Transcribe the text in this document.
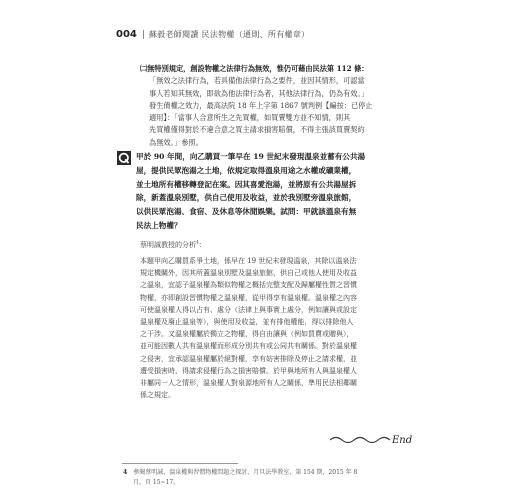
004 蘇毅老師閱讀 民法物權（通則、所有權章）
㈡無特別規定，創設物權之法律行為無效，惟仍可藉由民法第 112 條：
「無效之法律行為，若具備他法律行為之要件，並因其情形，可認當
事人若知其無效，即欲為他法律行為者，其他法律行為，仍為有效。」
發生債權之效力，最高法院 18 年上字第 1867 號判例【編按：已停止
適用】：「當事人合意所生之先買權，如買賣雙方並不知情，則其
先買權僅得對於不違合意之買主請求損害賠償，不得主張該買賣契約
為無效。」參照。
甲於 90 年間，向乙購買一筆早在 19 世紀末發現溫泉並蓄有公共湯
屋，提供民眾泡湯之土地，依規定取得溫泉用途之水權或礦業權，
並土地所有權移轉登記在案。因其喜愛泡湯，並將原有公共湯屋拆
除，新蓋溫泉別墅，供自己使用及收益，並於我別墅旁溫泉旅館，
以供民眾泡湯、食宿、及休息等休閒娛樂。試問：甲就該溫泉有無
民法上物權？
蔡明誠教授的分析$^4$：
本題甲向乙購買系爭土地，係早在 19 世紀末發現溫泉，其除以溫泉法
規定機關外，因其所蓋溫泉別墅及溫泉旅館，供自己或他人使用及收益
之溫泉，宜認子溫泉權為類似物權之概括完整支配及歸屬權性質之習慣
物權，亦即創設習慣物權之溫泉權，從甲得享有溫泉權。溫泉權之內容
可使溫泉權人得以占有、處分（法律上與事實上處分，例如讓與或設定
溫泉權及廢止溫泉等），與使用及收益，並有排他權能，得以排除他人
之干涉。又溫泉權屬於獨立之物權，得自由讓與（例如買賣或贈與），
並可能因數人共有溫泉權而形成分別共有或公同共有關係。對於溫泉權
之侵害，宜承認溫泉權屬於絕對權，享有妨害排除及停止之請求權，並
遭受損害時，得請求侵權行為之損害賠償。於甲與地所有人與溫泉權人
非屬同一人之情形，溫泉權人對泉源地所有人之關係，準用民法相鄰關
係之規定。
End
4 參閱蔡明誠，溫泉權與習慣物權問題之探討，月旦法學教室，第 154 期，2015 年 8
月，頁 15~17。
